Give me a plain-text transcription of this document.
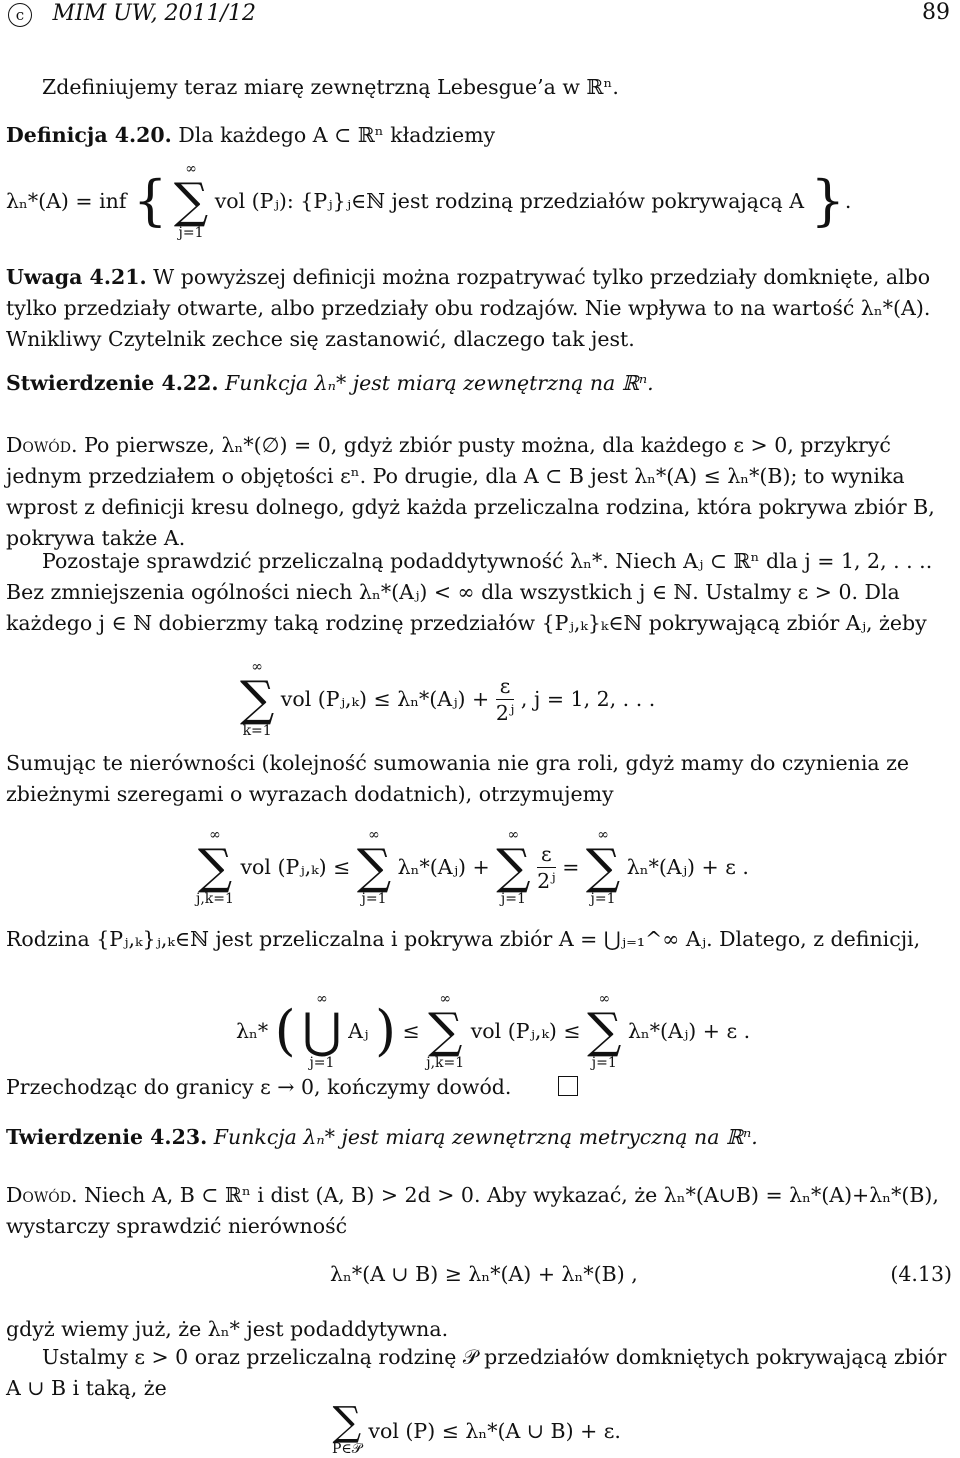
c MIM UW, 2011/12	89
Zdefiniujemy teraz miarę zewnętrzną Lebesgue’a w ℝⁿ.
Definicja 4.20. Dla każdego A ⊂ ℝⁿ kładziemy
λₙ*(A) = inf {	∞
∑
j=1
vol (Pⱼ): {Pⱼ}ⱼ∈ℕ jest rodziną przedziałów pokrywającą A }.
Uwaga 4.21. W powyższej definicji można rozpatrywać tylko przedziały domknięte, albo tylko przedziały otwarte, albo przedziały obu rodzajów. Nie wpływa to na wartość λₙ*(A). Wnikliwy Czytelnik zechce się zastanowić, dlaczego tak jest.
Stwierdzenie 4.22. Funkcja λₙ* jest miarą zewnętrzną na ℝⁿ.
Dowód. Po pierwsze, λₙ*(∅) = 0, gdyż zbiór pusty można, dla każdego ε > 0, przykryć jednym przedziałem o objętości εⁿ. Po drugie, dla A ⊂ B jest λₙ*(A) ≤ λₙ*(B); to wynika wprost z definicji kresu dolnego, gdyż każda przeliczalna rodzina, która pokrywa zbiór B, pokrywa także A.
Pozostaje sprawdzić przeliczalną podaddytywność λₙ*. Niech Aⱼ ⊂ ℝⁿ dla j = 1, 2, . . .. Bez zmniejszenia ogólności niech λₙ*(Aⱼ) < ∞ dla wszystkich j ∈ ℕ. Ustalmy ε > 0. Dla każdego j ∈ ℕ dobierzmy taką rodzinę przedziałów {Pⱼ,ₖ}ₖ∈ℕ pokrywającą zbiór Aⱼ, żeby
∞
∑
k=1
vol (Pⱼ,ₖ) ≤ λₙ*(Aⱼ) + $\frac{\varepsilon}{\text{2ʲ}}$ , j = 1, 2, . . .
Sumując te nierówności (kolejność sumowania nie gra roli, gdyż mamy do czynienia ze zbieżnymi szeregami o wyrazach dodatnich), otrzymujemy
∞
∑
j,k=1
vol (Pⱼ,ₖ) ≤
∞
∑
j=1
λₙ*(Aⱼ) +
∞
∑
j=1

$\frac{\varepsilon}{\text{2ʲ}}$ =
∞
∑
j=1
λₙ*(Aⱼ) + ε .
Rodzina {Pⱼ,ₖ}ⱼ,ₖ∈ℕ jest przeliczalna i pokrywa zbiór A = ⋃ⱼ₌₁^∞ Aⱼ. Dlatego, z definicji,
λₙ* (	∞
⋃
j=1
Aⱼ ) ≤
∞
∑
j,k=1
vol (Pⱼ,ₖ) ≤
∞
∑
j=1
λₙ*(Aⱼ) + ε .
Przechodząc do granicy ε → 0, kończymy dowód.
Twierdzenie 4.23. Funkcja λₙ* jest miarą zewnętrzną metryczną na ℝⁿ.
Dowód. Niech A, B ⊂ ℝⁿ i dist (A, B) > 2d > 0. Aby wykazać, że λₙ*(A∪B) = λₙ*(A)+λₙ*(B), wystarczy sprawdzić nierówność
λₙ*(A ∪ B) ≥ λₙ*(A) + λₙ*(B) ,	(4.13)
gdyż wiemy już, że λₙ* jest podaddytywna.
Ustalmy ε > 0 oraz przeliczalną rodzinę 𝒫 przedziałów domkniętych pokrywającą zbiór A ∪ B i taką, że
∑
P∈𝒫
vol (P) ≤ λₙ*(A ∪ B) + ε.
